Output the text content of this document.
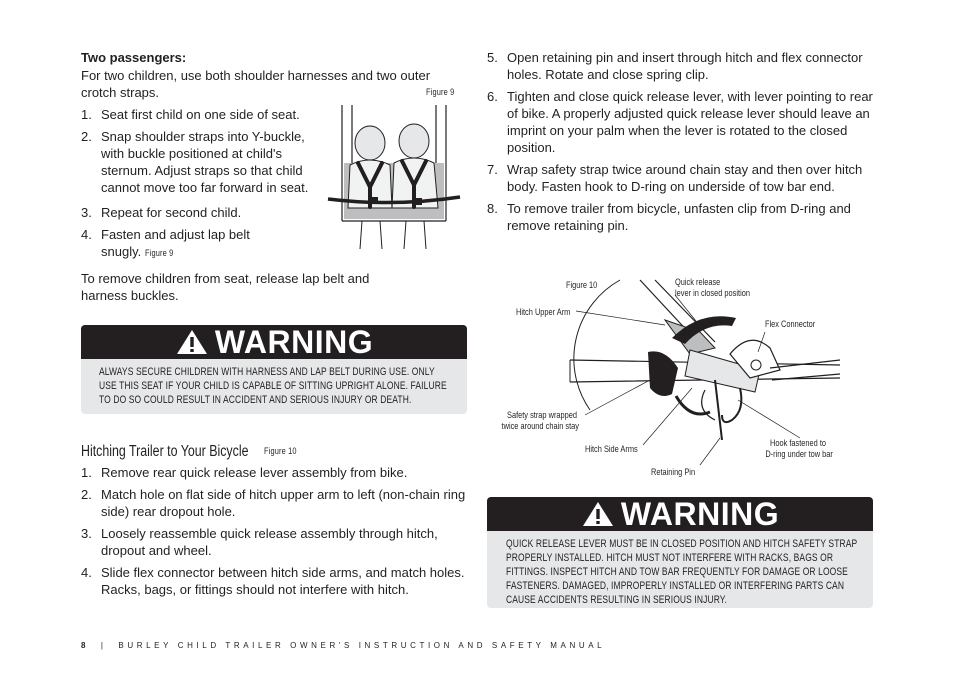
Two passengers:
For two children, use both shoulder harnesses and two outer crotch straps.	Figure 9
1. Seat first child on one side of seat.
2. Snap shoulder straps into Y-buckle, with buckle positioned at child's sternum. Adjust straps so that child cannot move too far forward in seat.
3. Repeat for second child.
4. Fasten and adjust lap belt snugly. Figure 9
To remove children from seat, release lap belt and harness buckles.
WARNING
ALWAYS SECURE CHILDREN WITH HARNESS AND LAP BELT DURING USE. ONLY USE THIS SEAT IF YOUR CHILD IS CAPABLE OF SITTING UPRIGHT ALONE. FAILURE TO DO SO COULD RESULT IN ACCIDENT AND SERIOUS INJURY OR DEATH.
Hitching Trailer to Your Bicycle	Figure 10
1. Remove rear quick release lever assembly from bike.
2. Match hole on flat side of hitch upper arm to left (non-chain ring side) rear dropout hole.
3. Loosely reassemble quick release assembly through hitch, dropout and wheel.
4. Slide flex connector between hitch side arms, and match holes. Racks, bags, or fittings should not interfere with hitch.
5. Open retaining pin and insert through hitch and flex connector holes. Rotate and close spring clip.
6. Tighten and close quick release lever, with lever pointing to rear of bike. A properly adjusted quick release lever should leave an imprint on your palm when the lever is rotated to the closed position.
7. Wrap safety strap twice around chain stay and then over hitch body. Fasten hook to D-ring on underside of tow bar end.
8. To remove trailer from bicycle, unfasten clip from D-ring and remove retaining pin.
Figure 10	Quick release
lever in closed position
Hitch Upper Arm
Flex Connector
Safety strap wrapped
twice around chain stay
Hitch Side Arms
Hook fastened to
D-ring under tow bar
Retaining Pin
WARNING
QUICK RELEASE LEVER MUST BE IN CLOSED POSITION AND HITCH SAFETY STRAP PROPERLY INSTALLED. HITCH MUST NOT INTERFERE WITH RACKS, BAGS OR FITTINGS. INSPECT HITCH AND TOW BAR FREQUENTLY FOR DAMAGE OR LOOSE FASTENERS. DAMAGED, IMPROPERLY INSTALLED OR INTERFERING PARTS CAN CAUSE ACCIDENTS RESULTING IN SERIOUS INJURY.
8 | BURLEY CHILD TRAILER OWNER'S INSTRUCTION AND SAFETY MANUAL
